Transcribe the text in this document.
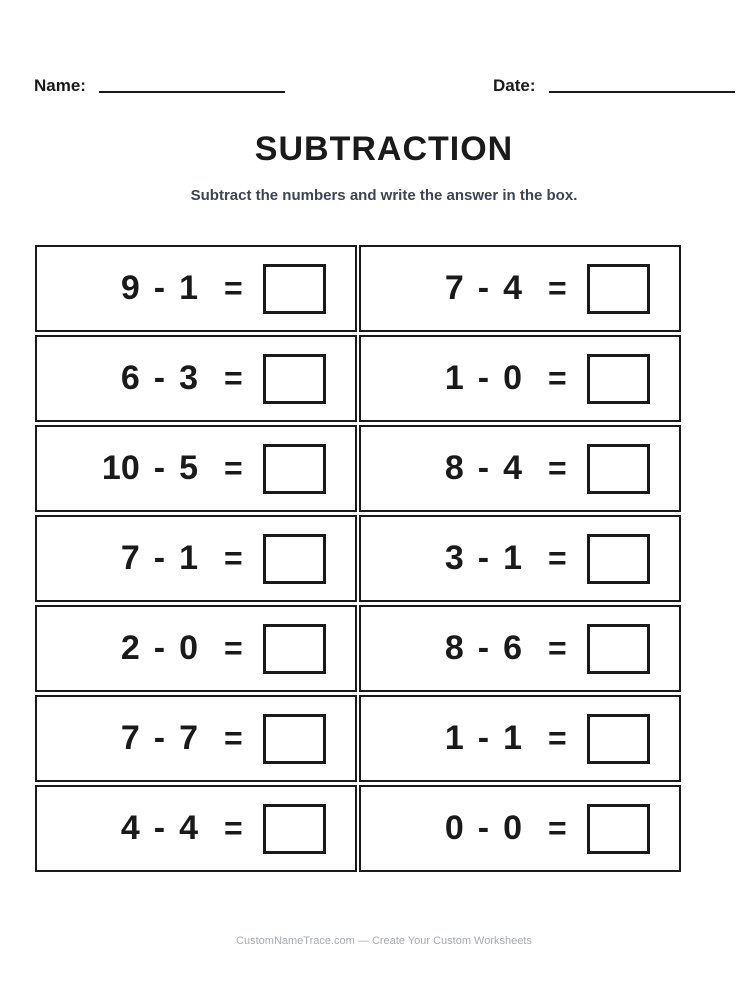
Name:	Date:
SUBTRACTION
Subtract the numbers and write the answer in the box.
9 - 1 =	7 - 4 =
6 - 3 =	1 - 0 =
10 - 5 =	8 - 4 =
7 - 1 =	3 - 1 =
2 - 0 =	8 - 6 =
7 - 7 =	1 - 1 =
4 - 4 =	0 - 0 =
CustomNameTrace.com — Create Your Custom Worksheets
